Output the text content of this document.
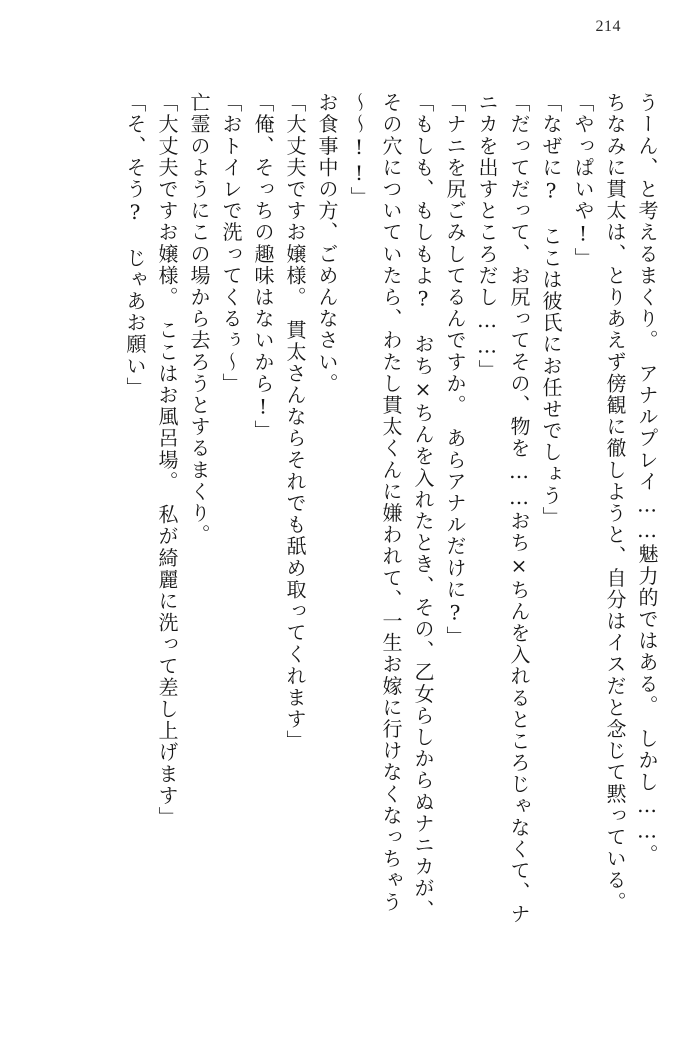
214
うーん、と考えるまくり。　アナルプレイ……魅力的ではある。　しかし……。
ちなみに貫太は、とりあえず傍観に徹しようと、自分はイスだと念じて黙っている。
「やっぱいや!」
「なぜに?　ここは彼氏にお任せでしょう」
「だってだって、お尻ってその、物を……おち×ちんを入れるところじゃなくて、ナ
ニカを出すところだし……」
「ナニを尻ごみしてるんですか。　あらアナルだけに?」
「もしも、もしもよ?　おち×ちんを入れたとき、その、乙女らしからぬナニカが、
その穴についていたら、わたし貫太くんに嫌われて、一生お嫁に行けなくなっちゃう
～～!!」
お食事中の方、ごめんなさい。
「大丈夫ですお嬢様。　貫太さんならそれでも舐め取ってくれます」
「俺、そっちの趣味はないから!」
「おトイレで洗ってくるぅ～」
亡霊のようにこの場から去ろうとするまくり。
「大丈夫ですお嬢様。　ここはお風呂場。　私が綺麗に洗って差し上げます」
「そ、そう?　じゃあお願い」
